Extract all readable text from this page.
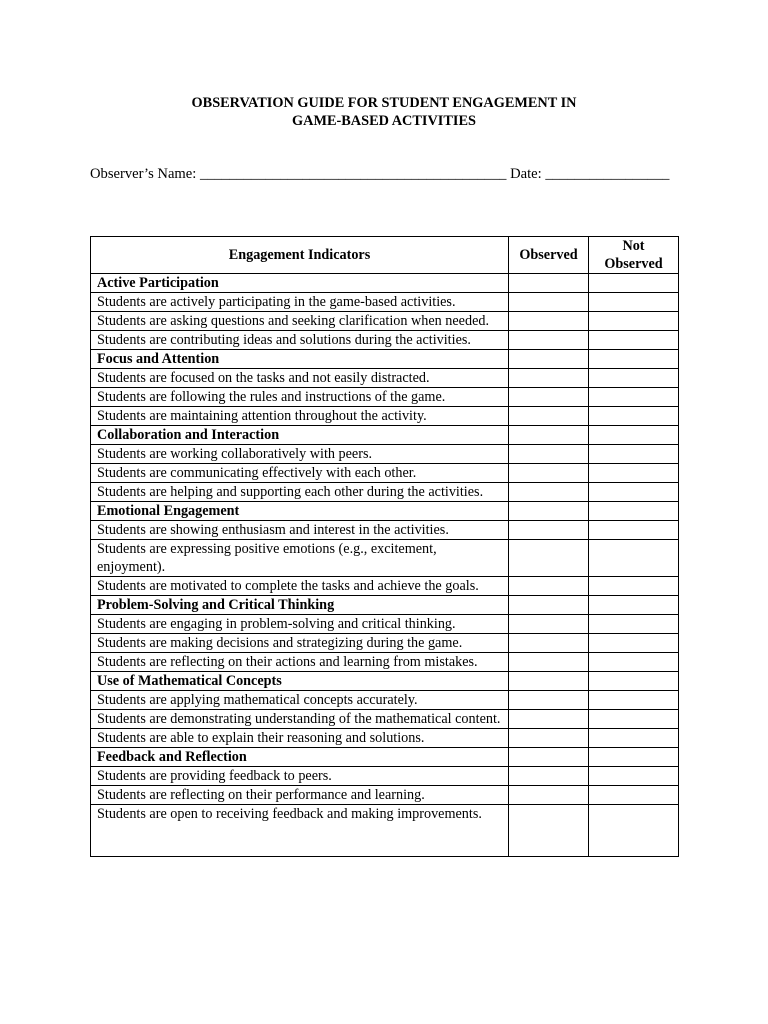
OBSERVATION GUIDE FOR STUDENT ENGAGEMENT IN
GAME-BASED ACTIVITIES
Observer’s Name: __________________________________________ Date: _________________
Engagement Indicators	Observed	Not
Observed

Active Participation		
Students are actively participating in the game-based activities.		
Students are asking questions and seeking clarification when needed.		
Students are contributing ideas and solutions during the activities.		
Focus and Attention		
Students are focused on the tasks and not easily distracted.		
Students are following the rules and instructions of the game.		
Students are maintaining attention throughout the activity.		
Collaboration and Interaction		
Students are working collaboratively with peers.		
Students are communicating effectively with each other.		
Students are helping and supporting each other during the activities.		
Emotional Engagement		
Students are showing enthusiasm and interest in the activities.		
Students are expressing positive emotions (e.g., excitement, enjoyment).		
Students are motivated to complete the tasks and achieve the goals.		
Problem-Solving and Critical Thinking		
Students are engaging in problem-solving and critical thinking.		
Students are making decisions and strategizing during the game.		
Students are reflecting on their actions and learning from mistakes.		
Use of Mathematical Concepts		
Students are applying mathematical concepts accurately.		
Students are demonstrating understanding of the mathematical content.		
Students are able to explain their reasoning and solutions.		
Feedback and Reflection		
Students are providing feedback to peers.		
Students are reflecting on their performance and learning.		
Students are open to receiving feedback and making improvements.		
